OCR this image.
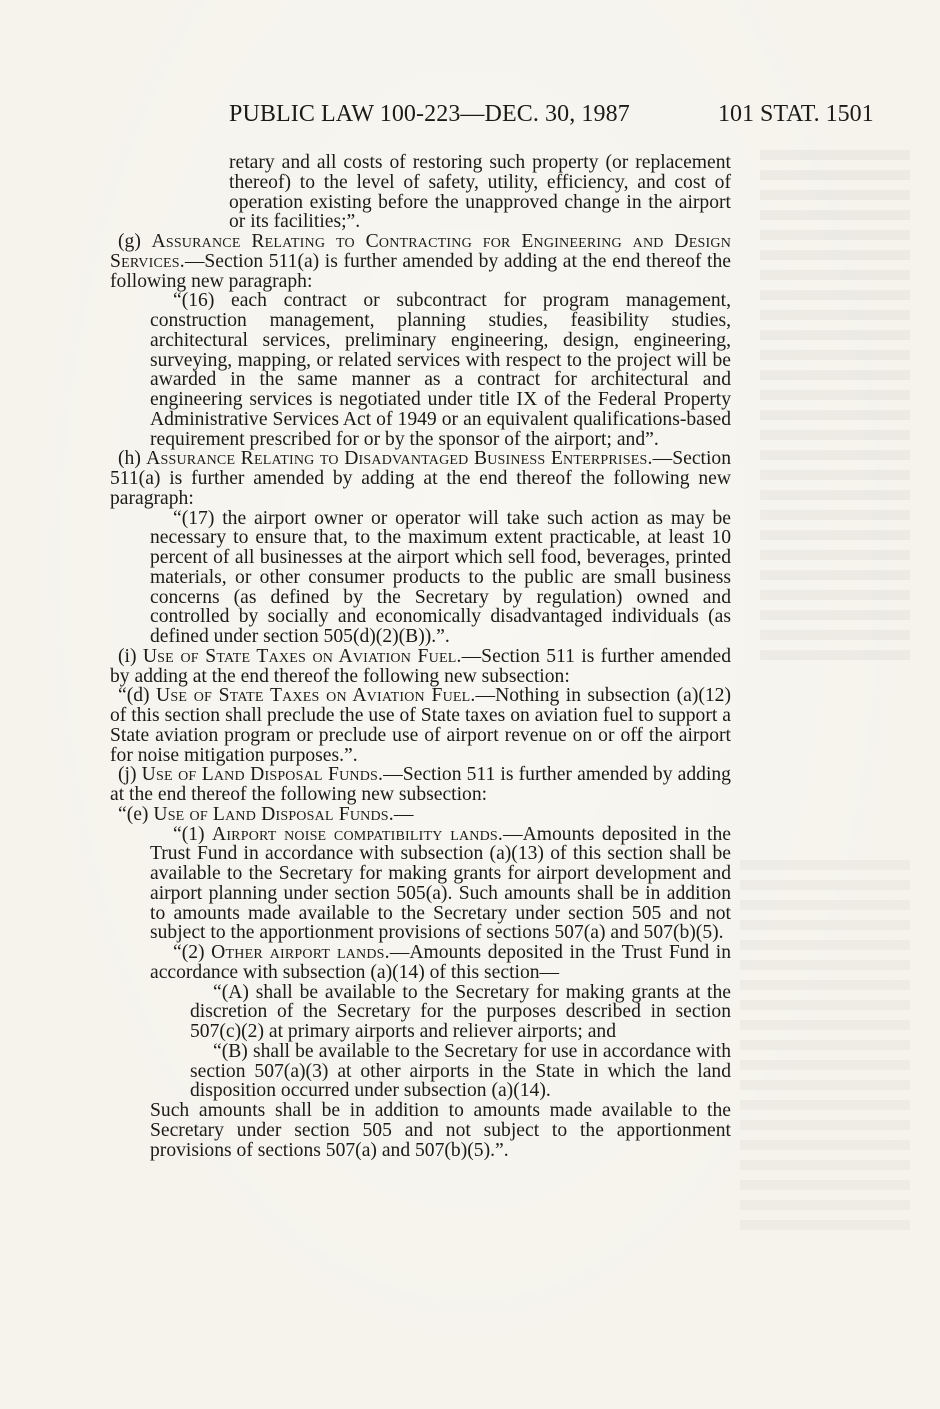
PUBLIC LAW 100-223—DEC. 30, 1987	101 STAT. 1501

retary and all costs of restoring such property (or replacement thereof) to the level of safety, utility, efficiency, and cost of operation existing before the unapproved change in the airport or its facilities;”.

(g) Assurance Relating to Contracting for Engineering and Design Services.—Section 511(a) is further amended by adding at the end thereof the following new paragraph:

“(16) each contract or subcontract for program management, construction management, planning studies, feasibility studies, architectural services, preliminary engineering, design, engineering, surveying, mapping, or related services with respect to the project will be awarded in the same manner as a contract for architectural and engineering services is negotiated under title IX of the Federal Property Administrative Services Act of 1949 or an equivalent qualifications-based requirement prescribed for or by the sponsor of the airport; and”.

(h) Assurance Relating to Disadvantaged Business Enterprises.—Section 511(a) is further amended by adding at the end thereof the following new paragraph:

“(17) the airport owner or operator will take such action as may be necessary to ensure that, to the maximum extent practicable, at least 10 percent of all businesses at the airport which sell food, beverages, printed materials, or other consumer products to the public are small business concerns (as defined by the Secretary by regulation) owned and controlled by socially and economically disadvantaged individuals (as defined under section 505(d)(2)(B)).”.

(i) Use of State Taxes on Aviation Fuel.—Section 511 is further amended by adding at the end thereof the following new subsection:

“(d) Use of State Taxes on Aviation Fuel.—Nothing in subsection (a)(12) of this section shall preclude the use of State taxes on aviation fuel to support a State aviation program or preclude use of airport revenue on or off the airport for noise mitigation purposes.”.

(j) Use of Land Disposal Funds.—Section 511 is further amended by adding at the end thereof the following new subsection:

“(e) Use of Land Disposal Funds.—

“(1) Airport noise compatibility lands.—Amounts deposited in the Trust Fund in accordance with subsection (a)(13) of this section shall be available to the Secretary for making grants for airport development and airport planning under section 505(a). Such amounts shall be in addition to amounts made available to the Secretary under section 505 and not subject to the apportionment provisions of sections 507(a) and 507(b)(5).

“(2) Other airport lands.—Amounts deposited in the Trust Fund in accordance with subsection (a)(14) of this section—

“(A) shall be available to the Secretary for making grants at the discretion of the Secretary for the purposes described in section 507(c)(2) at primary airports and reliever airports; and

“(B) shall be available to the Secretary for use in accordance with section 507(a)(3) at other airports in the State in which the land disposition occurred under subsection (a)(14).

Such amounts shall be in addition to amounts made available to the Secretary under section 505 and not subject to the apportionment provisions of sections 507(a) and 507(b)(5).”.
